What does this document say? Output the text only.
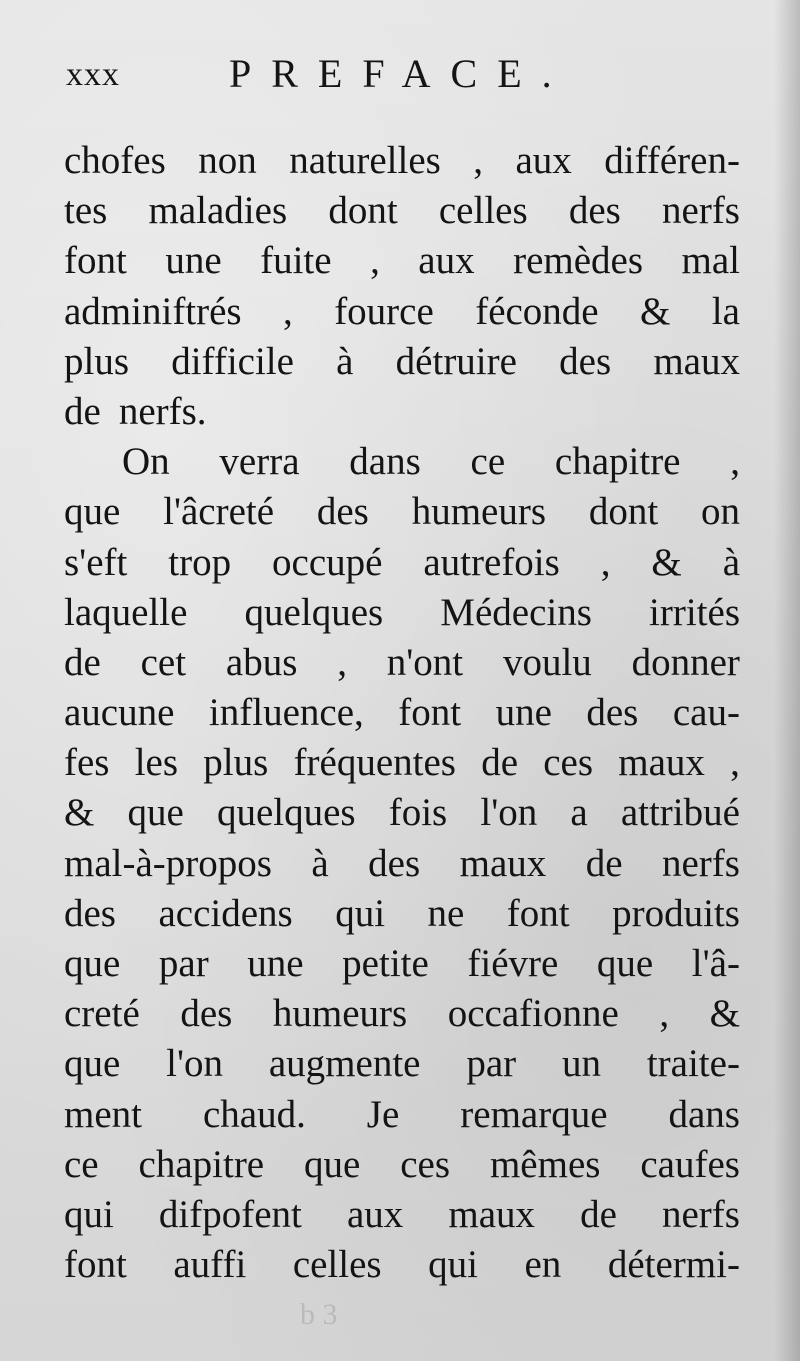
xxx	PREFACE.
chofes non naturelles , aux différen-
tes maladies dont celles des nerfs
font une fuite , aux remèdes mal
adminiftrés , fource féconde & la
plus difficile à détruire des maux
de nerfs.
On verra dans ce chapitre ,
que l'âcreté des humeurs dont on
s'eft trop occupé autrefois , & à
laquelle quelques Médecins irrités
de cet abus , n'ont voulu donner
aucune influence, font une des cau-
fes les plus fréquentes de ces maux ,
& que quelques fois l'on a attribué
mal-à-propos à des maux de nerfs
des accidens qui ne font produits
que par une petite fiévre que l'â-
creté des humeurs occafionne , &
que l'on augmente par un traite-
ment chaud. Je remarque dans
ce chapitre que ces mêmes caufes
qui difpofent aux maux de nerfs
font auffi celles qui en détermi-
b 3
